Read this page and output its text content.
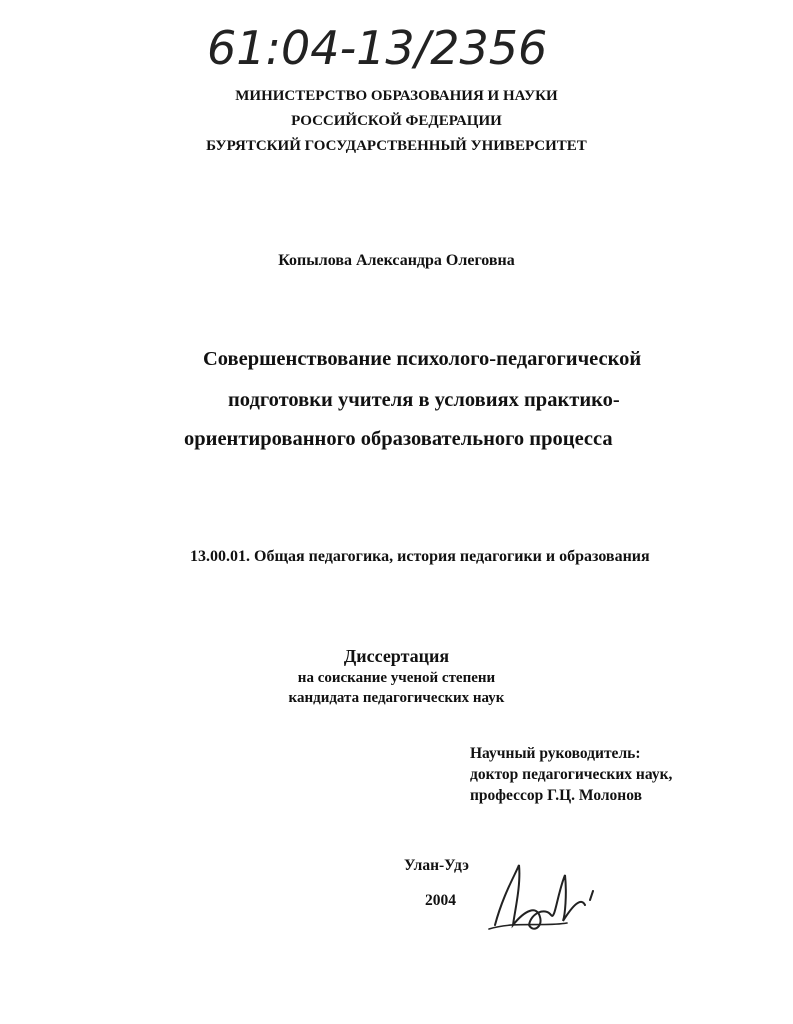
61:04-13/2356
МИНИСТЕРСТВО ОБРАЗОВАНИЯ И НАУКИ
РОССИЙСКОЙ ФЕДЕРАЦИИ
БУРЯТСКИЙ ГОСУДАРСТВЕННЫЙ УНИВЕРСИТЕТ
Копылова Александра Олеговна
Совершенствование психолого-педагогической
подготовки учителя в условиях практико-
ориентированного образовательного процесса
13.00.01. Общая педагогика, история педагогики и образования
Диссертация
на соискание ученой степени
кандидата педагогических наук
Научный руководитель:
доктор педагогических наук,
профессор Г.Ц. Молонов
Улан-Удэ
2004
